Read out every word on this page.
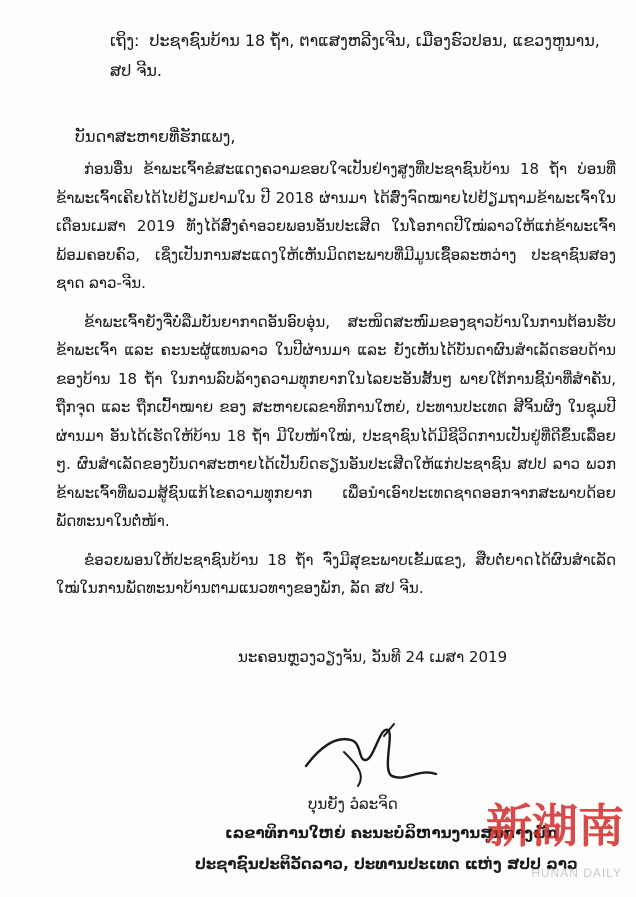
ເຖິງ: ປະຊາຊົນບ້ານ 18 ຖໍ້າ, ຕາແສງຫລີງເຈີນ, ເມືອງຮົວປອນ, ແຂວງຫູນານ,
ສປ ຈີນ.
ບັນດາສະຫາຍທີ່ຮັກແພງ,

ກ່ອນອື່ນ ຂ້າພະເຈົ້າຂໍສະແດງຄວາມຂອບໃຈເປັນຢ່າງສູງທີ່ປະຊາຊົນບ້ານ 18 ຖໍ້າ ບ່ອນທີ່ຂ້າພະເຈົ້າເຄີຍໄດ້ໄປຢ້ຽມຢາມໃນ ປີ 2018 ຜ່ານມາ ໄດ້ສົ່ງຈົດໝາຍໄປຢ້ຽມຖາມຂ້າພະເຈົ້າໃນເດືອນເມສາ 2019 ທັງໄດ້ສົ່ງຄຳອວຍພອນອັນປະເສີດ ໃນໂອກາດປີໃໝ່ລາວໃຫ້ແກ່ຂ້າພະເຈົ້າພ້ອມຄອບຄົວ, ເຊິ່ງເປັນການສະແດງໃຫ້ເຫັນມິດຕະພາບທີ່ມີມູນເຊື້ອລະຫວ່າງ ປະຊາຊົນສອງຊາດ ລາວ-ຈີນ.

ຂ້າພະເຈົ້າຍັງຈື່ບໍ່ລືມບັນຍາກາດອັນອົບອຸ່ນ, ສະໜິດສະໜົມຂອງຊາວບ້ານໃນການຕ້ອນຮັບຂ້າພະເຈົ້າ ແລະ ຄະນະຜູ້ແທນລາວ ໃນປີຜ່ານມາ ແລະ ຍັງເຫັນໄດ້ບັນດາຜົນສຳເລັດຮອບດ້ານຂອງບ້ານ 18 ຖໍ້າ ໃນການລົບລ້າງຄວາມທຸກຍາກໃນໄລຍະອັນສັ້ນໆ ພາຍໃຕ້ການຊີ້ນຳທີ່ສຳຄັນ, ຖືກຈຸດ ແລະ ຖືກເປົ້າໝາຍ ຂອງ ສະຫາຍເລຂາທິການໃຫຍ່, ປະທານປະເທດ ສີຈິ້ນຜິງ ໃນຊຸມປີຜ່ານມາ ອັນໄດ້ເຮັດໃຫ້ບ້ານ 18 ຖໍ້າ ມີໃບໜ້າໃໝ່, ປະຊາຊົນໄດ້ມີຊີວິດການເປັນຢູ່ທີ່ດີຂຶ້ນເລື້ອຍໆ. ຜົນສຳເລັດຂອງບັນດາສະຫາຍໄດ້ເປັນບົດຮຽນອັນປະເສີດໃຫ້ແກ່ປະຊາຊົນ ສປປ ລາວ ພວກຂ້າພະເຈົ້າທີ່ພວມສູ້ຊົນແກ້ໄຂຄວາມທຸກຍາກ ເພື່ອນຳເອົາປະເທດຊາດອອກຈາກສະພາບດ້ອຍພັດທະນາໃນຕໍ່ໜ້າ.

ຂໍອວຍພອນໃຫ້ປະຊາຊົນບ້ານ 18 ຖໍ້າ ຈົ່ງມີສຸຂະພາບເຂັ້ມແຂງ, ສືບຕໍ່ຍາດໄດ້ຜົນສຳເລັດ ໃໝ່ໃນການພັດທະນາບ້ານຕາມແນວທາງຂອງພັກ, ລັດ ສປ ຈີນ.

ນະຄອນຫຼວງວຽງຈັນ, ວັນທີ 24 ເມສາ 2019
ບຸນຍັງ ວໍລະຈິດ
ເລຂາທິການໃຫຍ່ ຄະນະບໍລິຫານງານສູນກາງພັກ
ປະຊາຊົນປະຕິວັດລາວ, ປະທານປະເທດ ແຫ່ງ ສປປ ລາວ
新湖南
HUNAN DAILY
